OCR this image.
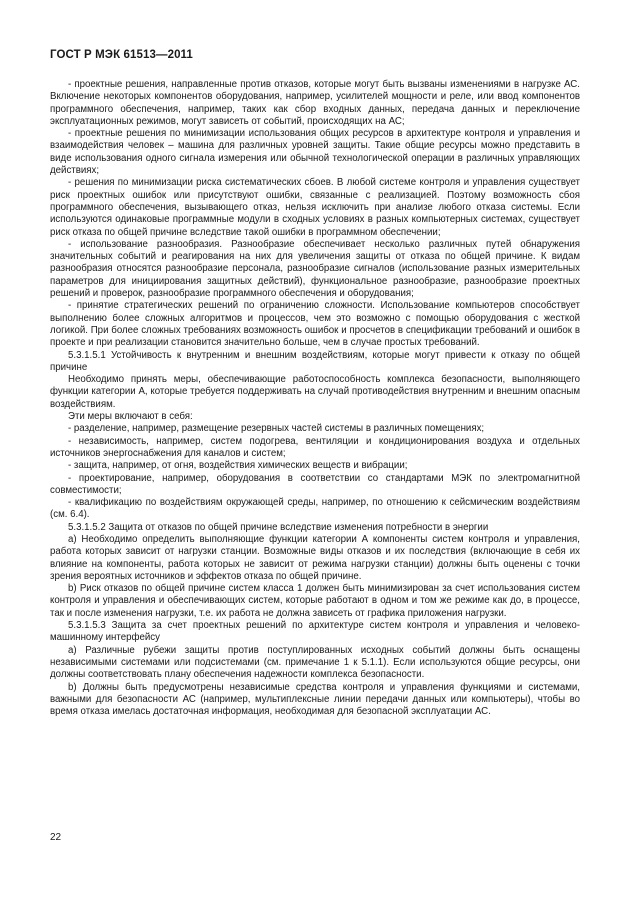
ГОСТ Р МЭК 61513—2011

- проектные решения, направленные против отказов, которые могут быть вызваны изменениями в нагрузке АС. Включение некоторых компонентов оборудования, например, усилителей мощности и реле, или ввод компонентов программного обеспечения, например, таких как сбор входных данных, передача данных и переключение эксплуатационных режимов, могут зависеть от событий, происходящих на АС;

- проектные решения по минимизации использования общих ресурсов в архитектуре контроля и управления и взаимодействия человек – машина для различных уровней защиты. Такие общие ресурсы можно представить в виде использования одного сигнала измерения или обычной технологической операции в различных управляющих действиях;

- решения по минимизации риска систематических сбоев. В любой системе контроля и управления существует риск проектных ошибок или присутствуют ошибки, связанные с реализацией. Поэтому возможность сбоя программного обеспечения, вызывающего отказ, нельзя исключить при анализе любого отказа системы. Если используются одинаковые программные модули в сходных условиях в разных компьютерных системах, существует риск отказа по общей причине вследствие такой ошибки в программном обеспечении;

- использование разнообразия. Разнообразие обеспечивает несколько различных путей обнаружения значительных событий и реагирования на них для увеличения защиты от отказа по общей причине. К видам разнообразия относятся разнообразие персонала, разнообразие сигналов (использование разных измерительных параметров для инициирования защитных действий), функциональное разнообразие, разнообразие проектных решений и проверок, разнообразие программного обеспечения и оборудования;

- принятие стратегических решений по ограничению сложности. Использование компьютеров способствует выполнению более сложных алгоритмов и процессов, чем это возможно с помощью оборудования с жесткой логикой. При более сложных требованиях возможность ошибок и просчетов в спецификации требований и ошибок в проекте и при реализации становится значительно больше, чем в случае простых требований.

5.3.1.5.1 Устойчивость к внутренним и внешним воздействиям, которые могут привести к отказу по общей причине

Необходимо принять меры, обеспечивающие работоспособность комплекса безопасности, выполняющего функции категории А, которые требуется поддерживать на случай противодействия внутренним и внешним опасным воздействиям.

Эти меры включают в себя:

- разделение, например, размещение резервных частей системы в различных помещениях;

- независимость, например, систем подогрева, вентиляции и кондиционирования воздуха и отдельных источников энергоснабжения для каналов и систем;

- защита, например, от огня, воздействия химических веществ и вибрации;

- проектирование, например, оборудования в соответствии со стандартами МЭК по электромагнитной совместимости;

- квалификацию по воздействиям окружающей среды, например, по отношению к сейсмическим воздействиям (см. 6.4).

5.3.1.5.2 Защита от отказов по общей причине вследствие изменения потребности в энергии

a) Необходимо определить выполняющие функции категории А компоненты систем контроля и управления, работа которых зависит от нагрузки станции. Возможные виды отказов и их последствия (включающие в себя их влияние на компоненты, работа которых не зависит от режима нагрузки станции) должны быть оценены с точки зрения вероятных источников и эффектов отказа по общей причине.

b) Риск отказов по общей причине систем класса 1 должен быть минимизирован за счет использования систем контроля и управления и обеспечивающих систем, которые работают в одном и том же режиме как до, в процессе, так и после изменения нагрузки, т.е. их работа не должна зависеть от графика приложения нагрузки.

5.3.1.5.3 Защита за счет проектных решений по архитектуре систем контроля и управления и человеко-машинному интерфейсу

a) Различные рубежи защиты против поступлированных исходных событий должны быть оснащены независимыми системами или подсистемами (см. примечание 1 к 5.1.1). Если используются общие ресурсы, они должны соответствовать плану обеспечения надежности комплекса безопасности.

b) Должны быть предусмотрены независимые средства контроля и управления функциями и системами, важными для безопасности АС (например, мультиплексные линии передачи данных или компьютеры), чтобы во время отказа имелась достаточная информация, необходимая для безопасной эксплуатации АС.

22
